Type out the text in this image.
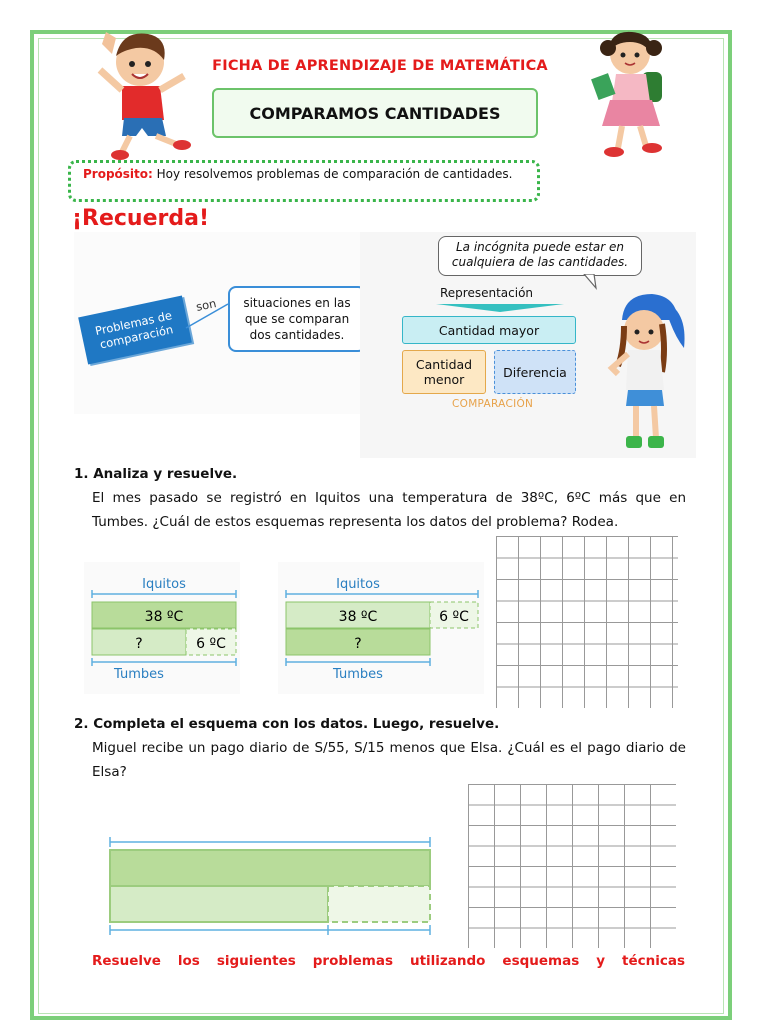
FICHA DE APRENDIZAJE DE MATEMÁTICA
COMPARAMOS CANTIDADES
Propósito: Hoy resolvemos problemas de comparación de cantidades.
¡Recuerda!
Problemas de comparación
son	situaciones en las que se comparan dos cantidades.
La incógnita puede estar en cualquiera de las cantidades.
Representación
Cantidad mayor
Cantidad menor	Diferencia
COMPARACIÓN
1. Analiza y resuelve.
El mes pasado se registró en Iquitos una temperatura de 38ºC, 6ºC más que en Tumbes. ¿Cuál de estos esquemas representa los datos del problema? Rodea.
Iquitos
38 ºC
?	6 ºC
Tumbes
Iquitos
38 ºC	6 ºC
?
Tumbes
2. Completa el esquema con los datos. Luego, resuelve.
Miguel recibe un pago diario de S/55, S/15 menos que Elsa. ¿Cuál es el pago diario de Elsa?
Resuelve los siguientes problemas utilizando esquemas y técnicas
